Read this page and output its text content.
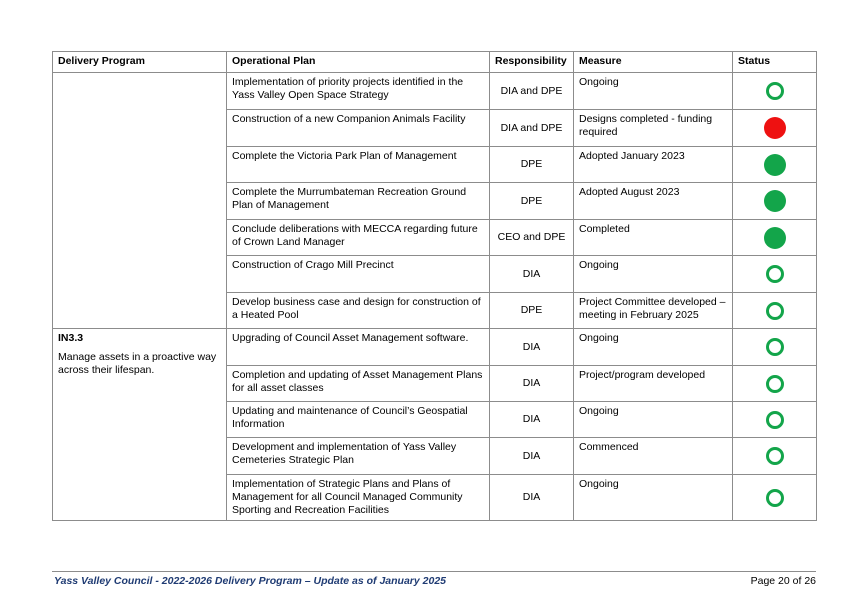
Delivery Program	Operational Plan	Responsibility	Measure	Status
	Implementation of priority projects identified in the Yass Valley Open Space Strategy	DIA and DPE	Ongoing	

	Construction of a new Companion Animals Facility	DIA and DPE	Designs completed - funding required	

	Complete the Victoria Park Plan of Management	DPE	Adopted January 2023	

	Complete the Murrumbateman Recreation Ground Plan of Management	DPE	Adopted August 2023	

	Conclude deliberations with MECCA regarding future of Crown Land Manager	CEO and DPE	Completed	

	Construction of Crago Mill Precinct	DIA	Ongoing	

	Develop business case and design for construction of a Heated Pool	DPE	Project Committee developed – meeting in February 2025	

IN3.3
Manage assets in a proactive way across their lifespan.	Upgrading of Council Asset Management software.	DIA	Ongoing	

	Completion and updating of Asset Management Plans for all asset classes	DIA	Project/program developed	

	Updating and maintenance of Council’s Geospatial Information	DIA	Ongoing	

	Development and implementation of Yass Valley Cemeteries Strategic Plan	DIA	Commenced	

	Implementation of Strategic Plans and Plans of Management for all Council Managed Community Sporting and Recreation Facilities	DIA	Ongoing	
Yass Valley Council - 2022-2026 Delivery Program – Update as of January 2025	Page 20 of 26
